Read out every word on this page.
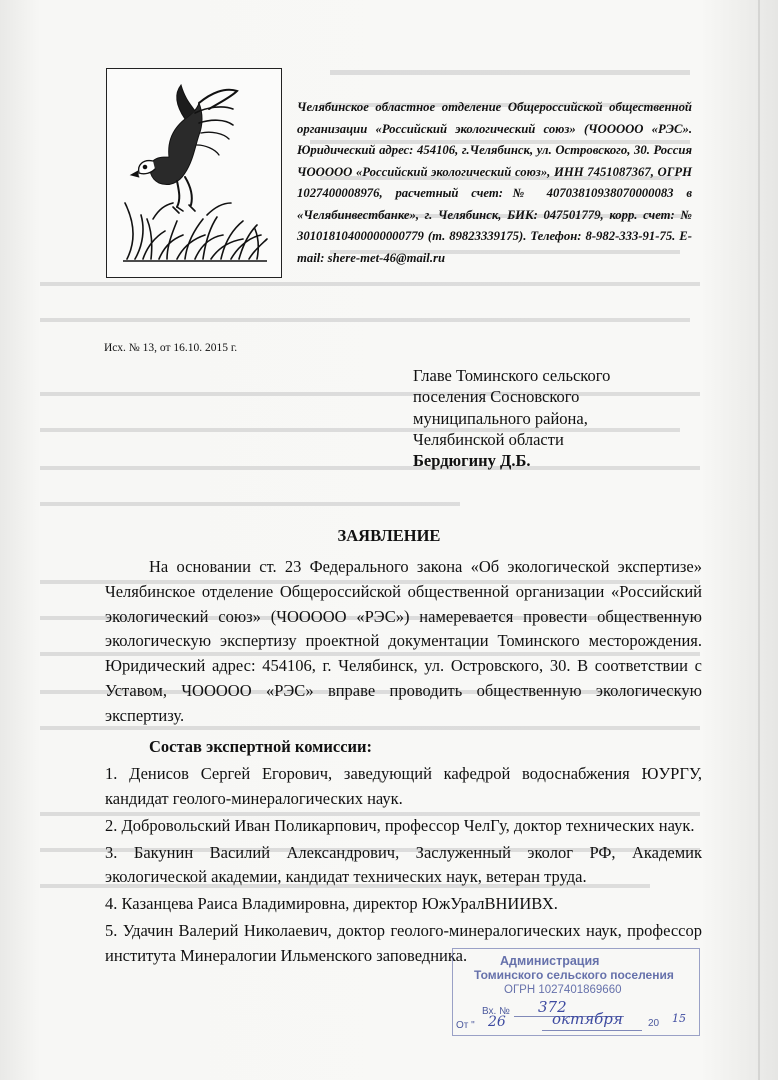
Челябинское областное отделение Общероссийской общественной организации «Российский экологический союз» (ЧООООО «РЭС». Юридический адрес: 454106, г.Челябинск, ул. Островского, 30. Россия ЧООООО «Российский экологический союз», ИНН 7451087367, ОГРН 1027400008976, расчетный счет:№ 40703810938070000083 в «Челябинвестбанке», г. Челябинск, БИК: 047501779, корр. счет: № 30101810400000000779 (т. 89823339175). Телефон: 8-982-333-91-75. E-mail: shere-met-46@mail.ru
Исх. № 13, от 16.10. 2015 г.
Главе Томинского сельского
поселения Сосновского
муниципального района,
Челябинской области
Бердюгину Д.Б.
ЗАЯВЛЕНИЕ
На основании ст. 23 Федерального закона «Об экологической экспертизе» Челябинское отделение Общероссийской общественной организации «Российский экологический союз» (ЧООООО «РЭС») намеревается провести общественную экологическую экспертизу проектной документации Томинского месторождения. Юридический адрес: 454106, г. Челябинск, ул. Островского, 30. В соответствии с Уставом, ЧООООО «РЭС» вправе проводить общественную экологическую экспертизу.
Состав экспертной комиссии:
1. Денисов Сергей Егорович, заведующий кафедрой водоснабжения ЮУРГУ, кандидат геолого-минералогических наук.
2. Добровольский Иван Поликарпович, профессор ЧелГу, доктор технических наук.
3. Бакунин Василий Александрович, Заслуженный эколог РФ, Академик экологической академии, кандидат технических наук, ветеран труда.
4. Казанцева Раиса Владимировна, директор ЮжУралВНИИВХ.
5. Удачин Валерий Николаевич, доктор геолого-минералогических наук, профессор института Минералогии Ильменского заповедника.	Администрация
Томинского сельского поселения
ОГРН 1027401869660
Вх. № 372
От " 26	октября	20 15
